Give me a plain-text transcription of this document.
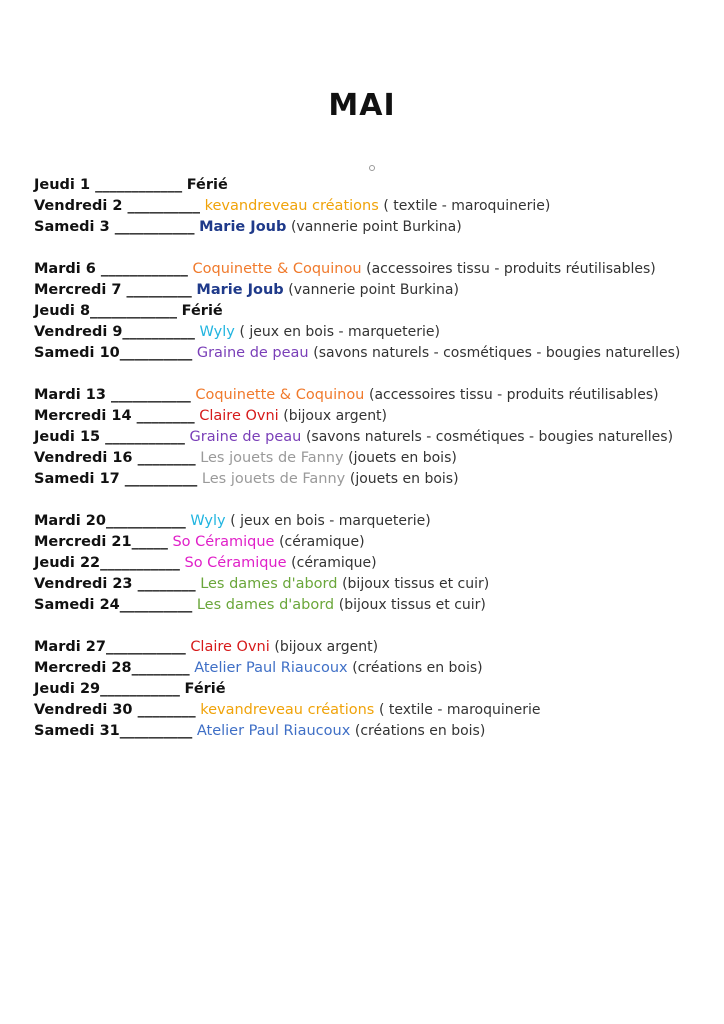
MAI
Jeudi 1 ____________ Férié
Vendredi 2 __________ kevandreveau créations ( textile - maroquinerie)
Samedi 3 ___________ Marie Joub (vannerie point Burkina)
Mardi 6 ____________ Coquinette & Coquinou (accessoires tissu - produits réutilisables)
Mercredi 7 _________ Marie Joub (vannerie point Burkina)
Jeudi 8____________ Férié
Vendredi 9__________ Wyly ( jeux en bois - marqueterie)
Samedi 10__________ Graine de peau (savons naturels - cosmétiques - bougies naturelles)
Mardi 13 ___________ Coquinette & Coquinou (accessoires tissu - produits réutilisables)
Mercredi 14 ________ Claire Ovni (bijoux argent)
Jeudi 15 ___________ Graine de peau (savons naturels - cosmétiques - bougies naturelles)
Vendredi 16 ________ Les jouets de Fanny (jouets en bois)
Samedi 17 __________ Les jouets de Fanny (jouets en bois)
Mardi 20___________ Wyly ( jeux en bois - marqueterie)
Mercredi 21_____ So Céramique (céramique)
Jeudi 22___________ So Céramique (céramique)
Vendredi 23 ________ Les dames d'abord (bijoux tissus et cuir)
Samedi 24__________ Les dames d'abord (bijoux tissus et cuir)
Mardi 27___________ Claire Ovni (bijoux argent)
Mercredi 28________ Atelier Paul Riaucoux (créations en bois)
Jeudi 29___________ Férié
Vendredi 30 ________ kevandreveau créations ( textile - maroquinerie
Samedi 31__________ Atelier Paul Riaucoux (créations en bois)
